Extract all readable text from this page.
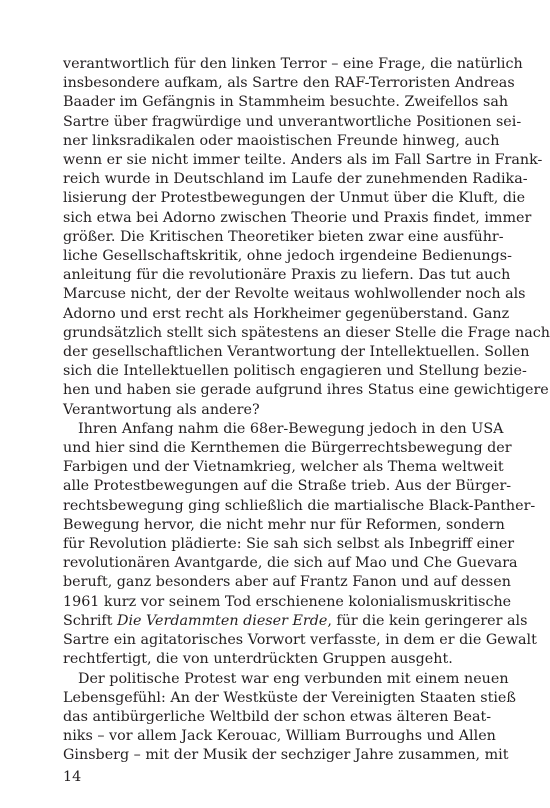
verantwortlich für den linken Terror – eine Frage, die natürlich
insbesondere aufkam, als Sartre den RAF-Terroristen Andreas
Baader im Gefängnis in Stammheim besuchte. Zweifellos sah
Sartre über fragwürdige und unverantwortliche Positionen sei-
ner linksradikalen oder maoistischen Freunde hinweg, auch
wenn er sie nicht immer teilte. Anders als im Fall Sartre in Frank-
reich wurde in Deutschland im Laufe der zunehmenden Radika-
lisierung der Protestbewegungen der Unmut über die Kluft, die
sich etwa bei Adorno zwischen Theorie und Praxis findet, immer
größer. Die Kritischen Theoretiker bieten zwar eine ausführ-
liche Gesellschaftskritik, ohne jedoch irgendeine Bedienungs-
anleitung für die revolutionäre Praxis zu liefern. Das tut auch
Marcuse nicht, der der Revolte weitaus wohlwollender noch als
Adorno und erst recht als Horkheimer gegenüberstand. Ganz
grundsätzlich stellt sich spätestens an dieser Stelle die Frage nach
der gesellschaftlichen Verantwortung der Intellektuellen. Sollen
sich die Intellektuellen politisch engagieren und Stellung bezie-
hen und haben sie gerade aufgrund ihres Status eine gewichtigere
Verantwortung als andere?
Ihren Anfang nahm die 68er-Bewegung jedoch in den USA
und hier sind die Kernthemen die Bürgerrechtsbewegung der
Farbigen und der Vietnamkrieg, welcher als Thema weltweit
alle Protestbewegungen auf die Straße trieb. Aus der Bürger-
rechtsbewegung ging schließlich die martialische Black-Panther-
Bewegung hervor, die nicht mehr nur für Reformen, sondern
für Revolution plädierte: Sie sah sich selbst als Inbegriff einer
revolutionären Avantgarde, die sich auf Mao und Che Guevara
beruft, ganz besonders aber auf Frantz Fanon und auf dessen
1961 kurz vor seinem Tod erschienene kolonialismuskritische
Schrift Die Verdammten dieser Erde, für die kein geringerer als
Sartre ein agitatorisches Vorwort verfasste, in dem er die Gewalt
rechtfertigt, die von unterdrückten Gruppen ausgeht.
Der politische Protest war eng verbunden mit einem neuen
Lebensgefühl: An der Westküste der Vereinigten Staaten stieß
das antibürgerliche Weltbild der schon etwas älteren Beat-
niks – vor allem Jack Kerouac, William Burroughs und Allen
Ginsberg – mit der Musik der sechziger Jahre zusammen, mit
14
